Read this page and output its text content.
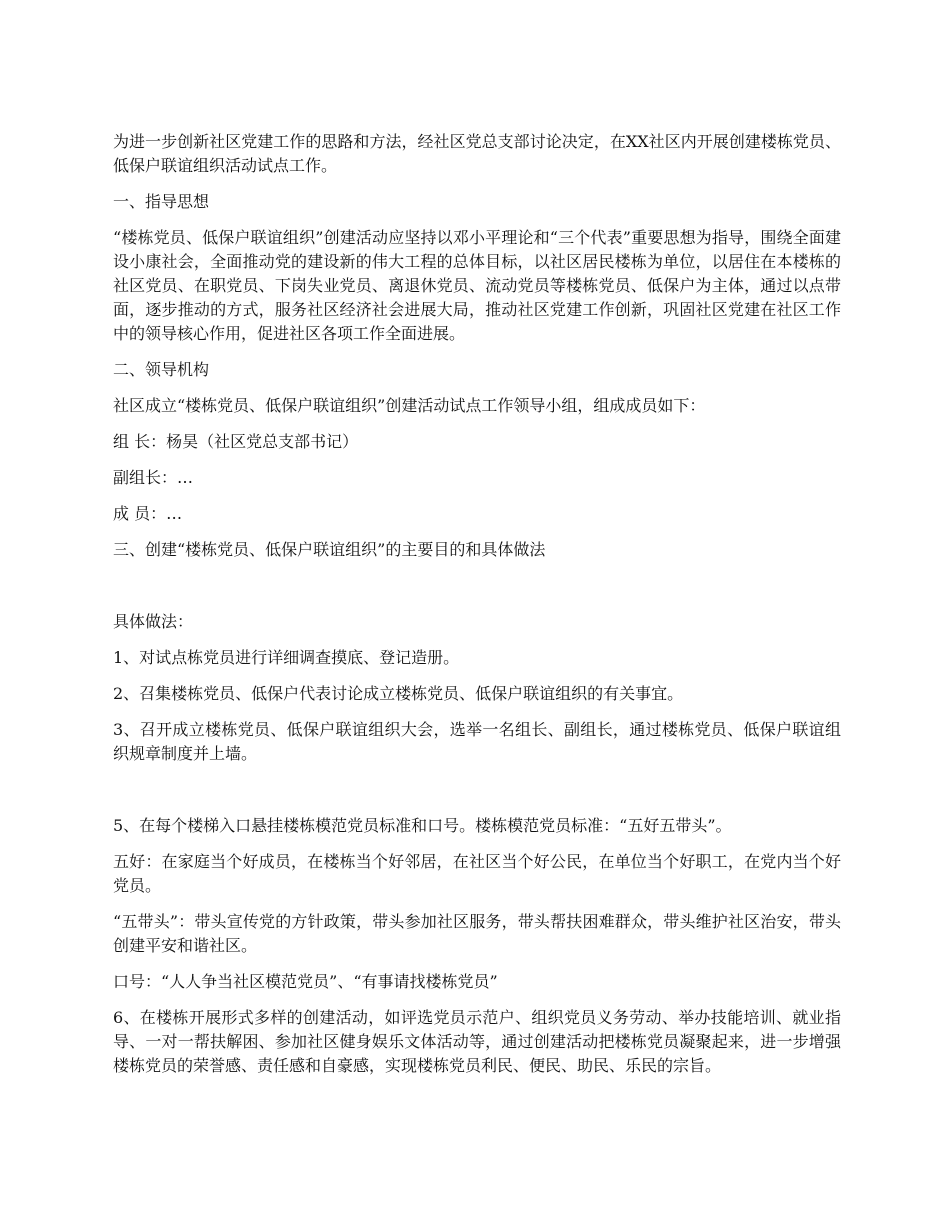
为进一步创新社区党建工作的思路和方法，经社区党总支部讨论决定，在XX社区内开展创建楼栋党员、低保户联谊组织活动试点工作。

一、指导思想

“楼栋党员、低保户联谊组织”创建活动应坚持以邓小平理论和“三个代表”重要思想为指导，围绕全面建设小康社会，全面推动党的建设新的伟大工程的总体目标，以社区居民楼栋为单位，以居住在本楼栋的社区党员、在职党员、下岗失业党员、离退休党员、流动党员等楼栋党员、低保户为主体，通过以点带面，逐步推动的方式，服务社区经济社会进展大局，推动社区党建工作创新，巩固社区党建在社区工作中的领导核心作用，促进社区各项工作全面进展。

二、领导机构

社区成立“楼栋党员、低保户联谊组织”创建活动试点工作领导小组，组成成员如下：

组 长：杨昊（社区党总支部书记）

副组长：…

成 员：…

三、创建“楼栋党员、低保户联谊组织”的主要目的和具体做法

具体做法：

1、对试点栋党员进行详细调查摸底、登记造册。

2、召集楼栋党员、低保户代表讨论成立楼栋党员、低保户联谊组织的有关事宜。

3、召开成立楼栋党员、低保户联谊组织大会，选举一名组长、副组长，通过楼栋党员、低保户联谊组织规章制度并上墙。

5、在每个楼梯入口悬挂楼栋模范党员标准和口号。楼栋模范党员标准：“五好五带头”。

五好：在家庭当个好成员，在楼栋当个好邻居，在社区当个好公民，在单位当个好职工，在党内当个好党员。

“五带头”：带头宣传党的方针政策，带头参加社区服务，带头帮扶困难群众，带头维护社区治安，带头创建平安和谐社区。

口号：“人人争当社区模范党员”、“有事请找楼栋党员”

6、在楼栋开展形式多样的创建活动，如评选党员示范户、组织党员义务劳动、举办技能培训、就业指导、一对一帮扶解困、参加社区健身娱乐文体活动等，通过创建活动把楼栋党员凝聚起来，进一步增强楼栋党员的荣誉感、责任感和自豪感，实现楼栋党员利民、便民、助民、乐民的宗旨。
